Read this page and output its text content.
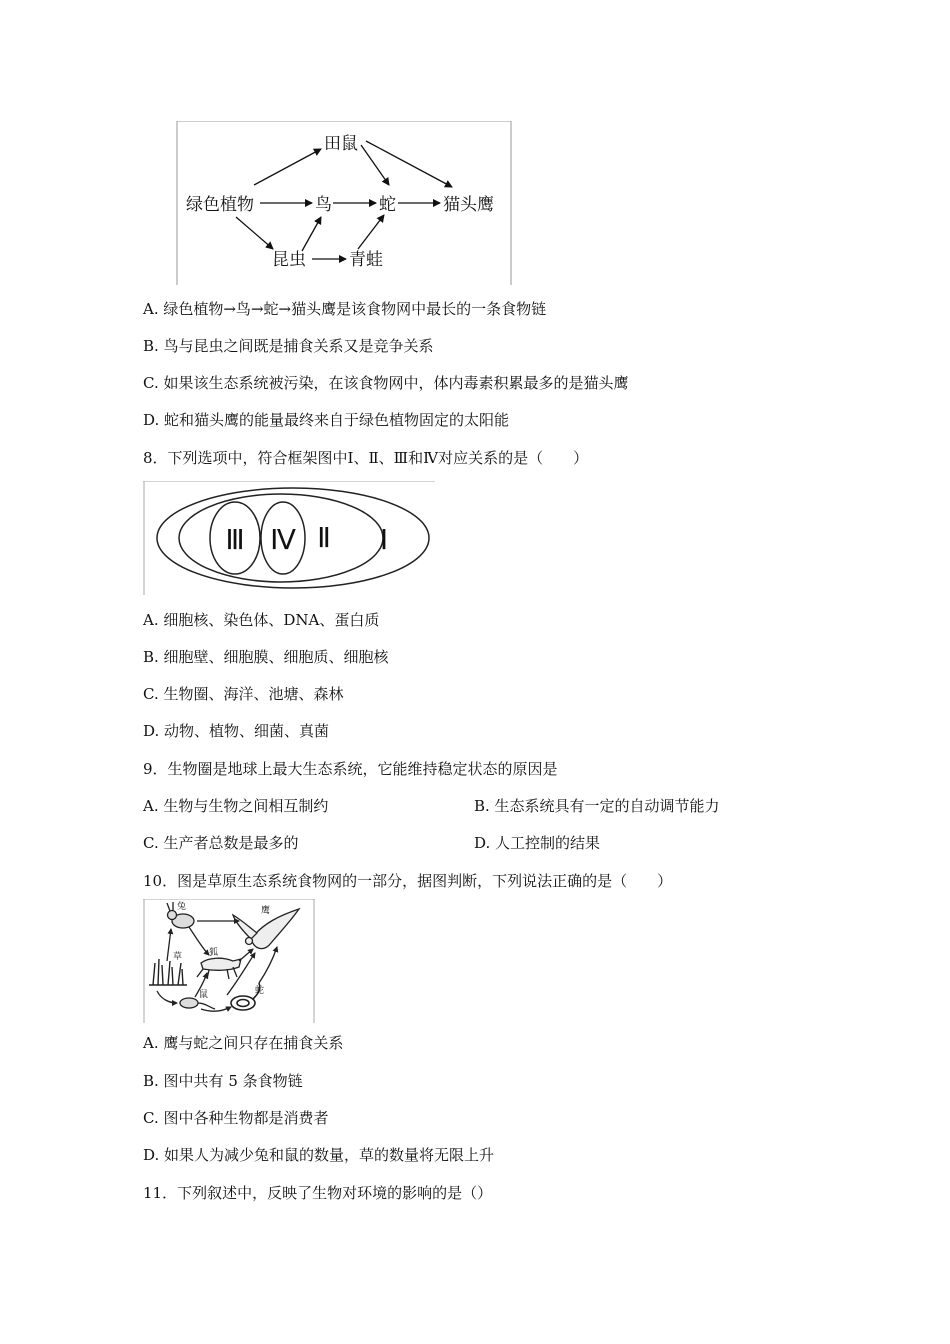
田鼠
绿色植物	鸟	蛇	猫头鹰
昆虫	青蛙
A. 绿色植物→鸟→蛇→猫头鹰是该食物网中最长的一条食物链
B. 鸟与昆虫之间既是捕食关系又是竞争关系
C. 如果该生态系统被污染，在该食物网中，体内毒素积累最多的是猫头鹰
D. 蛇和猫头鹰的能量最终来自于绿色植物固定的太阳能
8．下列选项中，符合框架图中Ⅰ、Ⅱ、Ⅲ和Ⅳ对应关系的是（　　）
Ⅲ Ⅳ Ⅱ Ⅰ
A. 细胞核、染色体、DNA、蛋白质
B. 细胞壁、细胞膜、细胞质、细胞核
C. 生物圈、海洋、池塘、森林
D. 动物、植物、细菌、真菌
9．生物圈是地球上最大生态系统，它能维持稳定状态的原因是
A. 生物与生物之间相互制约	B. 生态系统具有一定的自动调节能力
C. 生产者总数是最多的	D. 人工控制的结果
10．图是草原生态系统食物网的一部分，据图判断，下列说法正确的是（　　）
兔	鹰
狐
草
鼠	蛇
A. 鹰与蛇之间只存在捕食关系
B. 图中共有 5 条食物链
C. 图中各种生物都是消费者
D. 如果人为减少兔和鼠的数量，草的数量将无限上升
11．下列叙述中，反映了生物对环境的影响的是（）
